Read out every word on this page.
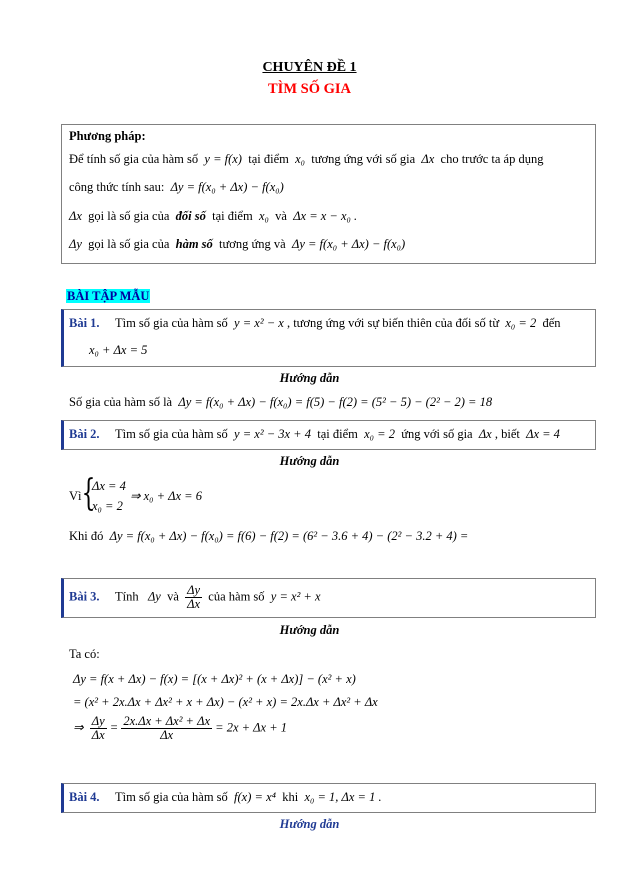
CHUYÊN ĐỀ 1
TÌM SỐ GIA
Phương pháp:
Để tính số gia của hàm số y = f(x) tại điểm x₀ tương ứng với số gia Δx cho trước ta áp dụng
công thức tính sau: Δy = f(x₀ + Δx) − f(x₀)
Δx gọi là số gia của đối số tại điểm x₀ và Δx = x − x₀ .
Δy gọi là số gia của hàm số tương ứng và Δy = f(x₀ + Δx) − f(x₀)
BÀI TẬP MẪU
Bài 1. Tìm số gia của hàm số y = x² − x , tương ứng với sự biến thiên của đối số từ x₀ = 2 đến
x₀ + Δx = 5
Hướng dẫn
Số gia của hàm số là Δy = f(x₀ + Δx) − f(x₀) = f(5) − f(2) = (5² − 5) − (2² − 2) = 18
Bài 2. Tìm số gia của hàm số y = x² − 3x + 4 tại điểm x₀ = 2 ứng với số gia Δx , biết Δx = 4
Hướng dẫn
Vì {
Δx = 4
x₀ = 2
⇒ x₀ + Δx = 6
Khi đó Δy = f(x₀ + Δx) − f(x₀) = f(6) − f(2) = (6² − 3.6 + 4) − (2² − 3.2 + 4) =
Bài 3. Tính Δy và $\frac{\Delta y}{\Delta x}$ của hàm số y = x² + x
Hướng dẫn
Ta có:
Δy = f(x + Δx) − f(x) = [(x + Δx)² + (x + Δx)] − (x² + x)
= (x² + 2x.Δx + Δx² + x + Δx) − (x² + x) = 2x.Δx + Δx² + Δx
⇒ $\frac{\Delta y}{\Delta x} = \frac{\text{2x.Δx + Δx² + Δx}}{\Delta x} = 2x + \Delta x + 1$
Bài 4. Tìm số gia của hàm số f(x) = x⁴ khi x₀ = 1, Δx = 1 .
Hướng dẫn
